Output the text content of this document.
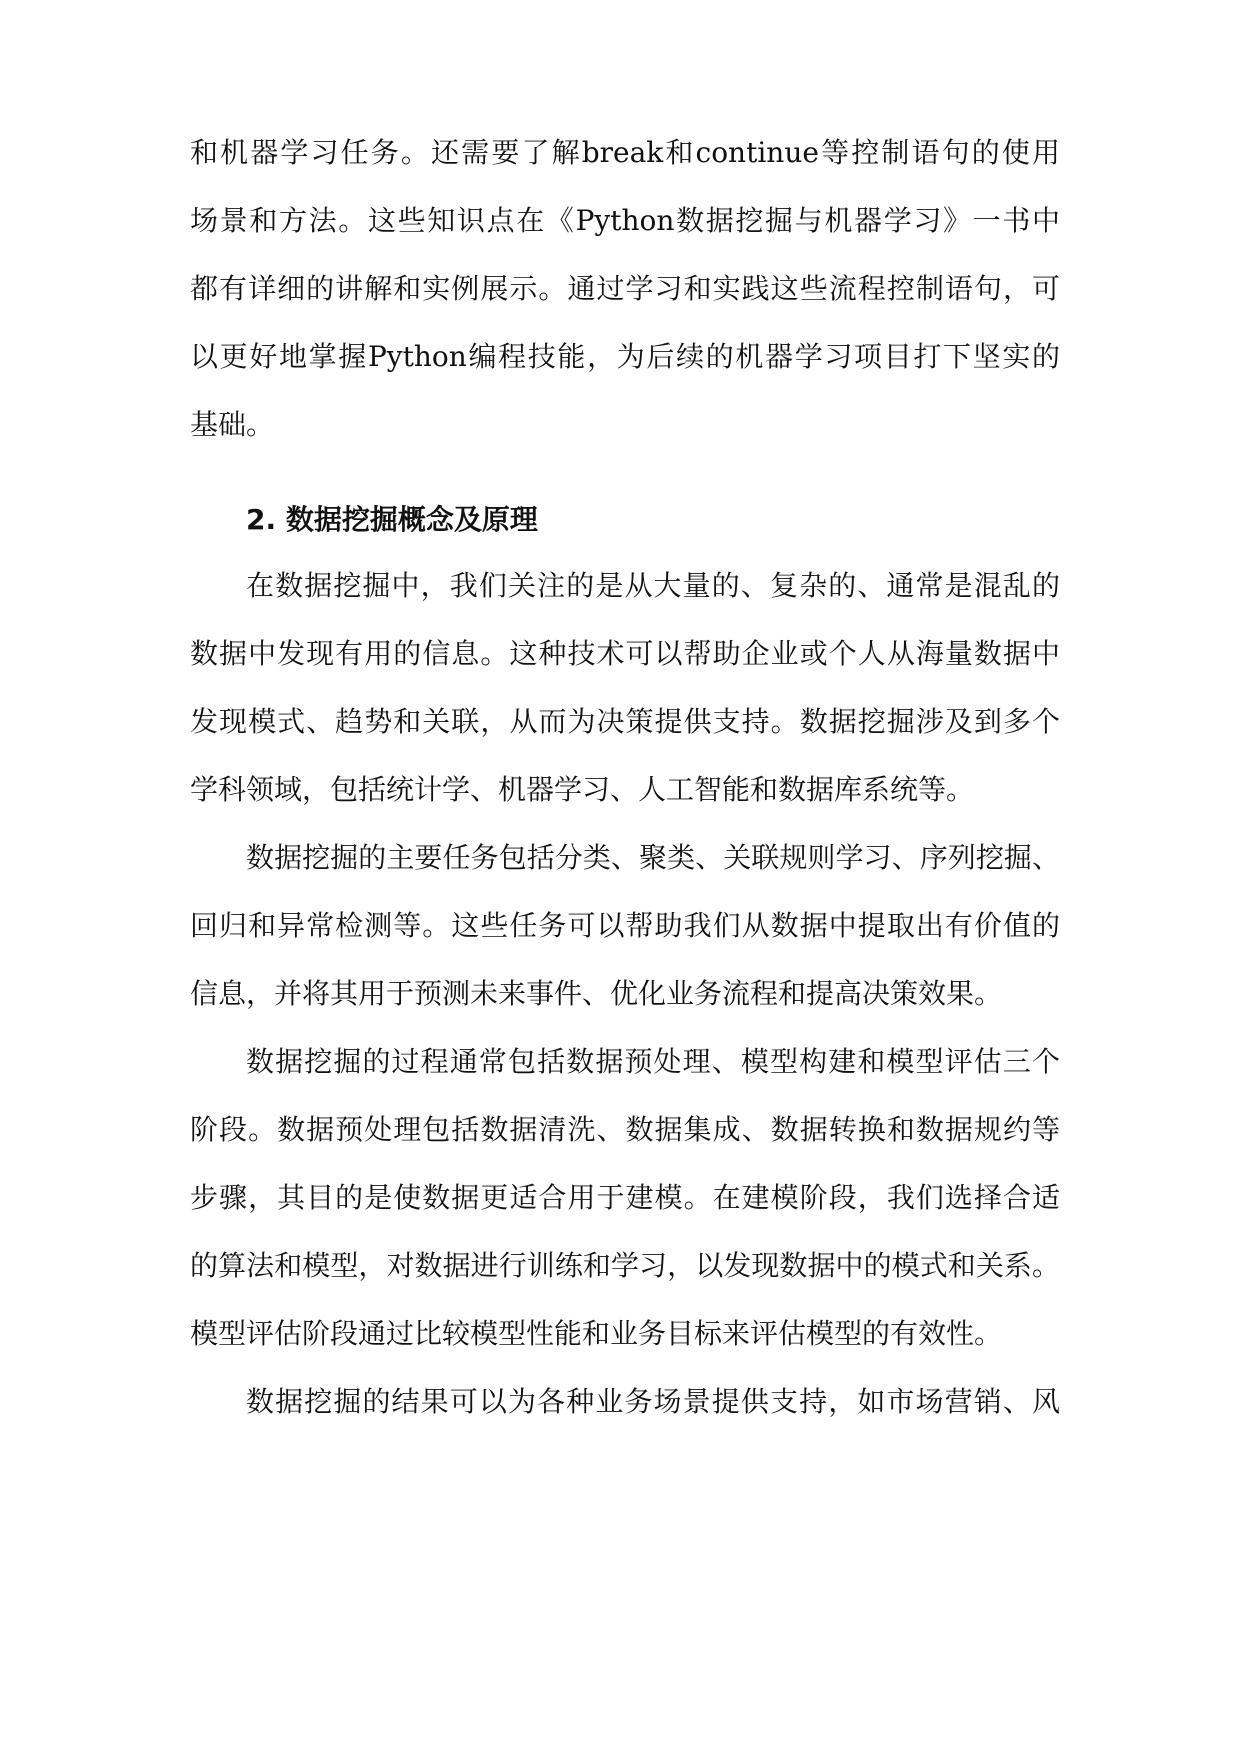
和机器学习任务。还需要了解break和continue等控制语句的使用
场景和方法。这些知识点在《Python数据挖掘与机器学习》一书中
都有详细的讲解和实例展示。通过学习和实践这些流程控制语句，可
以更好地掌握Python编程技能，为后续的机器学习项目打下坚实的
基础。
2. 数据挖掘概念及原理
在数据挖掘中，我们关注的是从大量的、复杂的、通常是混乱的
数据中发现有用的信息。这种技术可以帮助企业或个人从海量数据中
发现模式、趋势和关联，从而为决策提供支持。数据挖掘涉及到多个
学科领域，包括统计学、机器学习、人工智能和数据库系统等。
数据挖掘的主要任务包括分类、聚类、关联规则学习、序列挖掘、
回归和异常检测等。这些任务可以帮助我们从数据中提取出有价值的
信息，并将其用于预测未来事件、优化业务流程和提高决策效果。
数据挖掘的过程通常包括数据预处理、模型构建和模型评估三个
阶段。数据预处理包括数据清洗、数据集成、数据转换和数据规约等
步骤，其目的是使数据更适合用于建模。在建模阶段，我们选择合适
的算法和模型，对数据进行训练和学习，以发现数据中的模式和关系。
模型评估阶段通过比较模型性能和业务目标来评估模型的有效性。
数据挖掘的结果可以为各种业务场景提供支持，如市场营销、风
